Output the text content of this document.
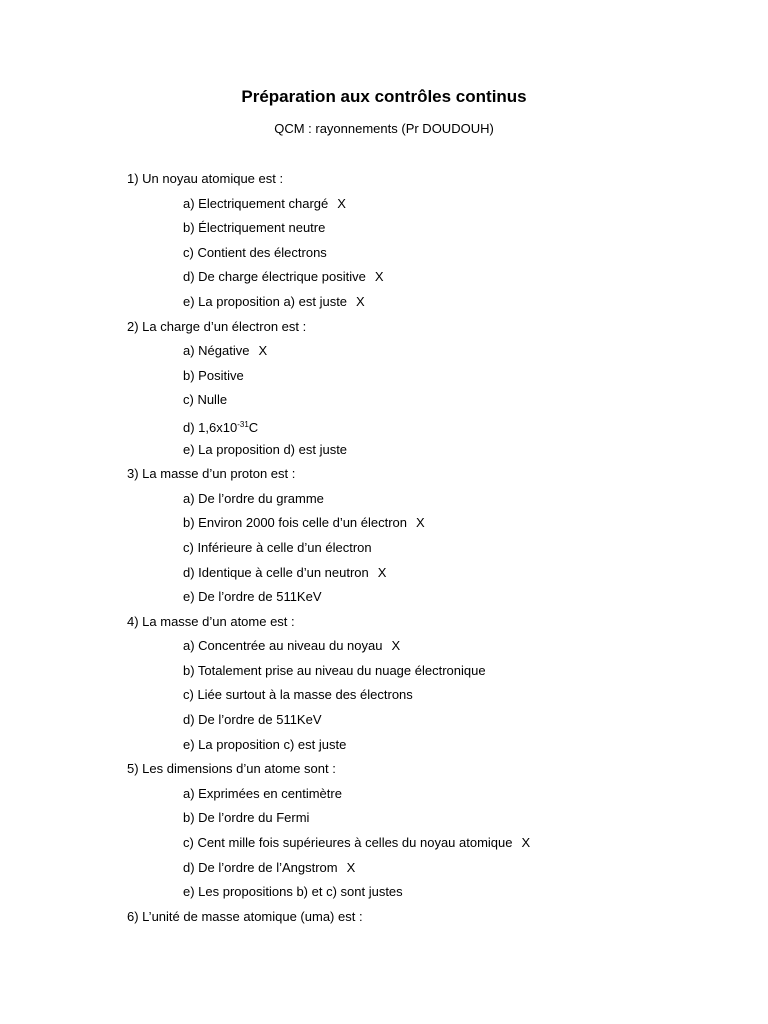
Préparation aux contrôles continus
QCM : rayonnements (Pr DOUDOUH)
1) Un noyau atomique est :
a) Electriquement chargé X
b) Électriquement neutre
c) Contient des électrons
d) De charge électrique positive X
e) La proposition a) est juste X
2) La charge d’un électron est :
a) Négative X
b) Positive
c) Nulle
d) $1,6x10^{-31}C$
e) La proposition d) est juste
3) La masse d’un proton est :
a) De l’ordre du gramme
b) Environ 2000 fois celle d’un électron X
c) Inférieure à celle d’un électron
d) Identique à celle d’un neutron X
e) De l’ordre de 511KeV
4) La masse d’un atome est :
a) Concentrée au niveau du noyau X
b) Totalement prise au niveau du nuage électronique
c) Liée surtout à la masse des électrons
d) De l’ordre de 511KeV
e) La proposition c) est juste
5) Les dimensions d’un atome sont :
a) Exprimées en centimètre
b) De l’ordre du Fermi
c) Cent mille fois supérieures à celles du noyau atomique X
d) De l’ordre de l’Angstrom X
e) Les propositions b) et c) sont justes
6) L’unité de masse atomique (uma) est :
